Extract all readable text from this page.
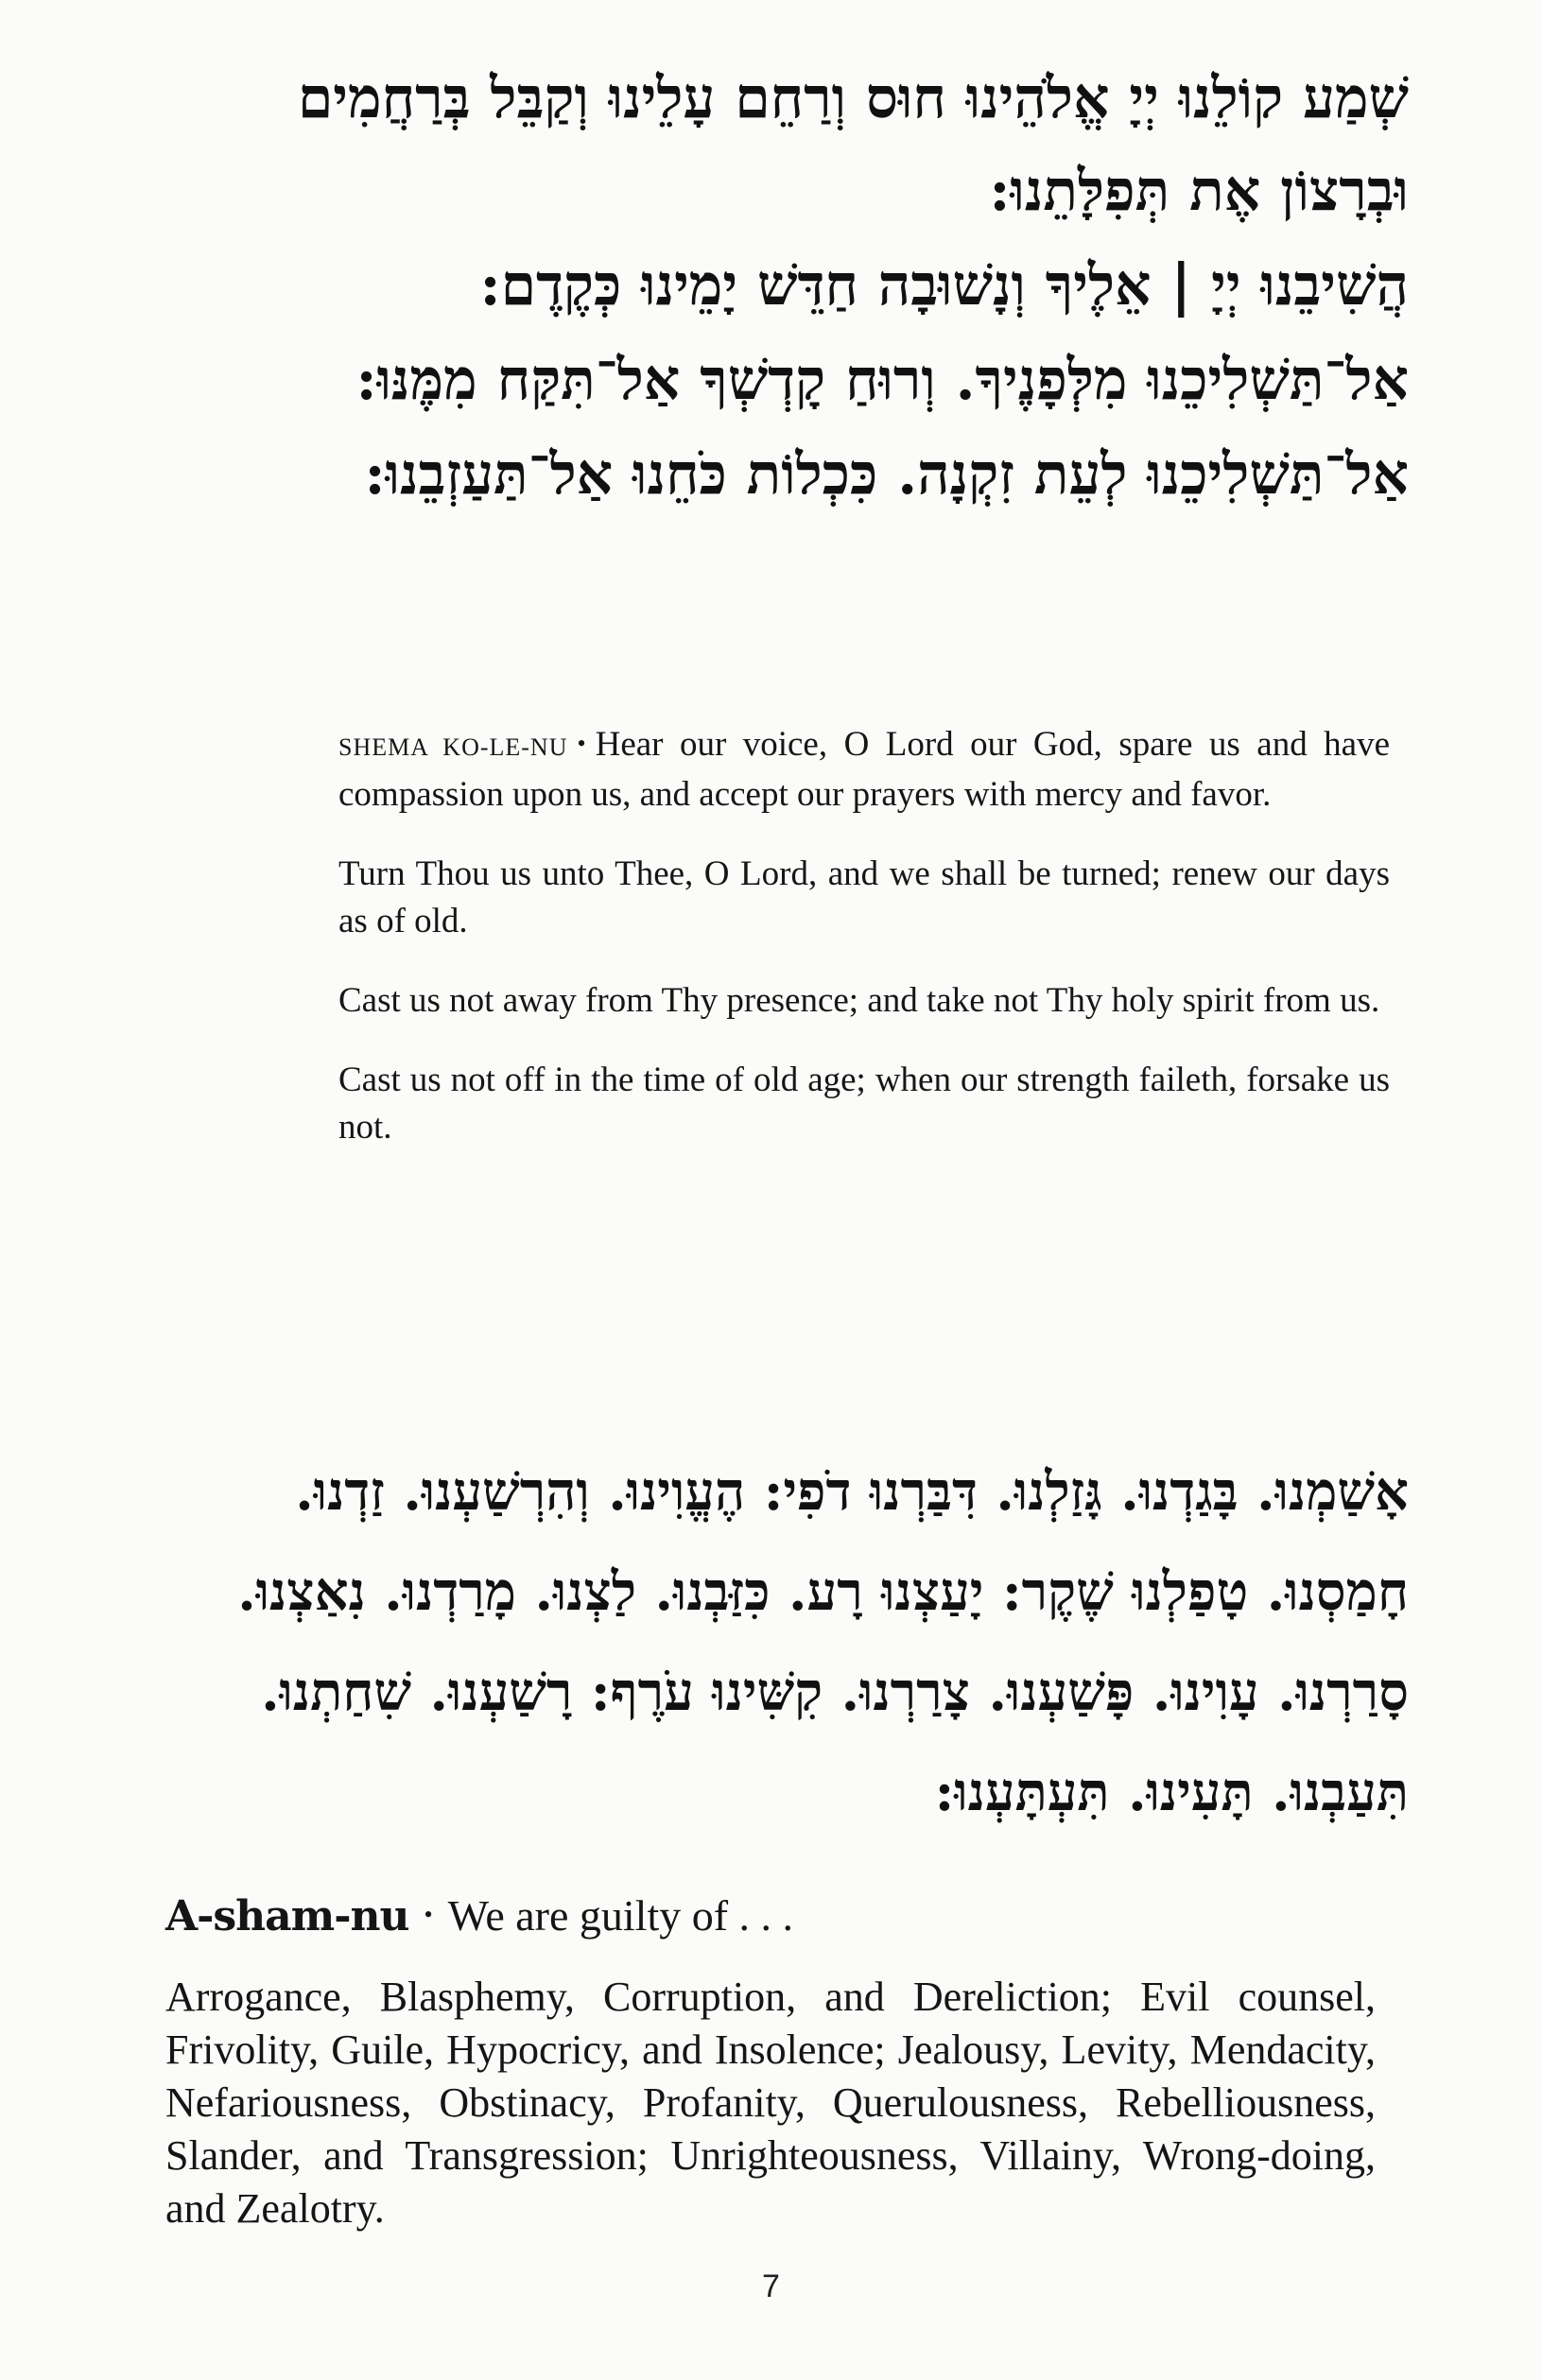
שְׁמַע קוֹלֵנוּ יְיָ אֱלֹהֵינוּ חוּס וְרַחֵם עָלֵינוּ וְקַבֵּל בְּרַחֲמִים
וּבְרָצוֹן אֶת תְּפִלָּתֵנוּ:
הֲשִׁיבֵנוּ יְיָ | אֵלֶיךָ וְנָשׁוּבָה חַדֵּשׁ יָמֵינוּ כְּקֶדֶם:
אַל־תַּשְׁלִיכֵנוּ מִלְּפָנֶיךָ. וְרוּחַ קָדְשְׁךָ אַל־תִּקַּח מִמֶּנּוּ:
אַל־תַּשְׁלִיכֵנוּ לְעֵת זִקְנָה. כִּכְלוֹת כֹּחֵנוּ אַל־תַּעַזְבֵנוּ:

SHEMA KO-LE-NU • Hear our voice, O Lord our God, spare us and have compassion upon us, and accept our prayers with mercy and favor.

Turn Thou us unto Thee, O Lord, and we shall be turned; renew our days as of old.

Cast us not away from Thy presence; and take not Thy holy spirit from us.

Cast us not off in the time of old age; when our strength faileth, forsake us not.

אָשַׁמְנוּ. בָּגַדְנוּ. גָּזַלְנוּ. דִּבַּרְנוּ דֹפִי: הֶעֱוִינוּ. וְהִרְשַׁעְנוּ. זַדְנוּ.
חָמַסְנוּ. טָפַלְנוּ שֶׁקֶר: יָעַצְנוּ רָע. כִּזַּבְנוּ. לַצְנוּ. מָרַדְנוּ. נִאַצְנוּ.
סָרַרְנוּ. עָוִינוּ. פָּשַׁעְנוּ. צָרַרְנוּ. קִשִּׁינוּ עֹרֶף: רָשַׁעְנוּ. שִׁחַתְנוּ.
תִּעַבְנוּ. תָּעִינוּ. תִּעְתָּעְנוּ:
A-sham-nu • We are guilty of . . .

Arrogance, Blasphemy, Corruption, and Dereliction; Evil counsel, Frivolity, Guile, Hypocricy, and Insolence; Jealousy, Levity, Mendacity, Nefariousness, Obstinacy, Profanity, Querulousness, Rebelliousness, Slander, and Transgression; Unrighteousness, Villainy, Wrong-doing, and Zealotry.

7
